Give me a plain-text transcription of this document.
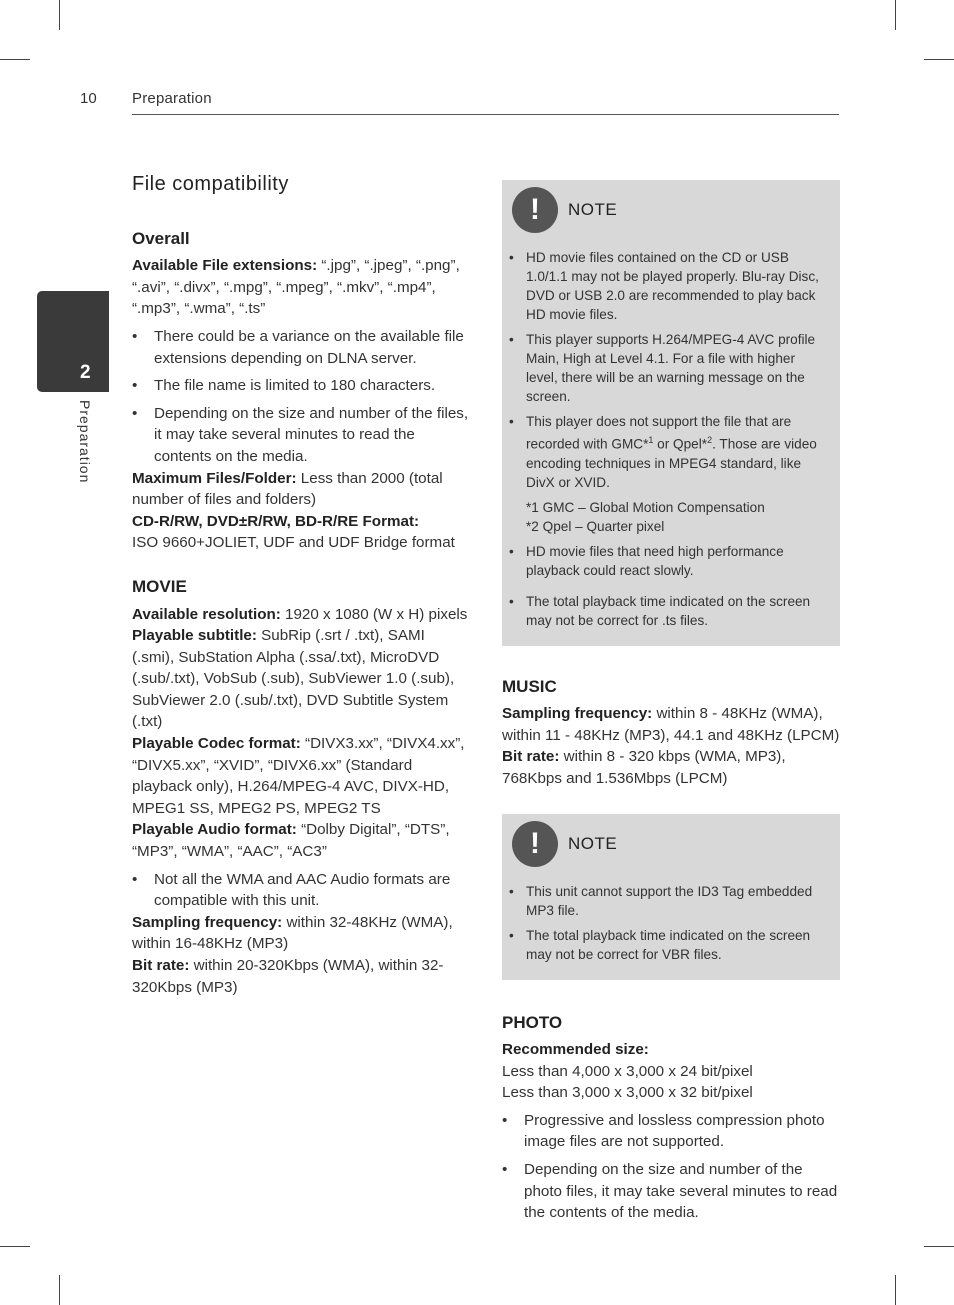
10 Preparation
2
Preparation
File compatibility
Overall

Available File extensions: “.jpg”, “.jpeg”, “.png”, “.avi”, “.divx”, “.mpg”, “.mpeg”, “.mkv”, “.mp4”, “.mp3”, “.wma”, “.ts”

• There could be a variance on the available file extensions depending on DLNA server.
• The file name is limited to 180 characters.
• Depending on the size and number of the files, it may take several minutes to read the contents on the media.

Maximum Files/Folder: Less than 2000 (total number of files and folders)

CD-R/RW, DVD±R/RW, BD-R/RE Format:

ISO 9660+JOLIET, UDF and UDF Bridge format

MOVIE

Available resolution: 1920 x 1080 (W x H) pixels

Playable subtitle: SubRip (.srt / .txt), SAMI (.smi), SubStation Alpha (.ssa/.txt), MicroDVD (.sub/.txt), VobSub (.sub), SubViewer 1.0 (.sub), SubViewer 2.0 (.sub/.txt), DVD Subtitle System (.txt)

Playable Codec format: “DIVX3.xx”, “DIVX4.xx”, “DIVX5.xx”, “XVID”, “DIVX6.xx” (Standard playback only), H.264/MPEG-4 AVC, DIVX-HD, MPEG1 SS, MPEG2 PS, MPEG2 TS

Playable Audio format: “Dolby Digital”, “DTS”, “MP3”, “WMA”, “AAC”, “AC3”

• Not all the WMA and AAC Audio formats are compatible with this unit.

Sampling frequency: within 32-48KHz (WMA), within 16-48KHz (MP3)

Bit rate: within 20-320Kbps (WMA), within 32-320Kbps (MP3)

!	NOTE
• HD movie files contained on the CD or USB 1.0/1.1 may not be played properly. Blu-ray Disc, DVD or USB 2.0 are recommended to play back HD movie files.
• This player supports H.264/MPEG-4 AVC profile Main, High at Level 4.1. For a file with higher level, there will be an warning message on the screen.
• This player does not support the file that are recorded with GMC*$^1$ or Qpel*$^2$. Those are video encoding techniques in MPEG4 standard, like DivX or XVID.
*1 GMC – Global Motion Compensation
*2 Qpel – Quarter pixel
• HD movie files that need high performance playback could react slowly.
• The total playback time indicated on the screen may not be correct for .ts files.
MUSIC

Sampling frequency: within 8 - 48KHz (WMA), within 11 - 48KHz (MP3), 44.1 and 48KHz (LPCM)

Bit rate: within 8 - 320 kbps (WMA, MP3), 768Kbps and 1.536Mbps (LPCM)

!	NOTE
• This unit cannot support the ID3 Tag embedded MP3 file.
• The total playback time indicated on the screen may not be correct for VBR files.
PHOTO

Recommended size:

Less than 4,000 x 3,000 x 24 bit/pixel

Less than 3,000 x 3,000 x 32 bit/pixel

• Progressive and lossless compression photo image files are not supported.
• Depending on the size and number of the photo files, it may take several minutes to read the contents of the media.
